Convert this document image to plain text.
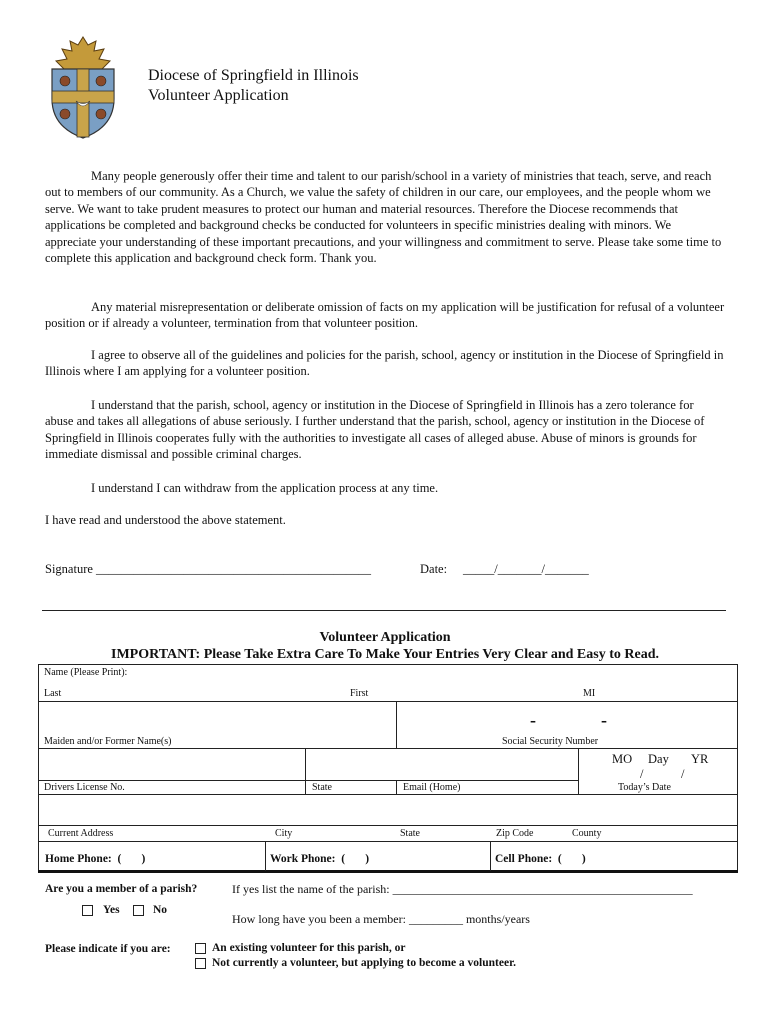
Diocese of Springfield in Illinois
Volunteer Application

Many people generously offer their time and talent to our parish/school in a variety of ministries that teach, serve, and reach out to members of our community. As a Church, we value the safety of children in our care, our employees, and the people whom we serve. We want to take prudent measures to protect our human and material resources. Therefore the Diocese recommends that applications be completed and background checks be conducted for volunteers in specific ministries dealing with minors. We appreciate your understanding of these important precautions, and your willingness and commitment to serve. Please take some time to complete this application and background check form. Thank you.

Any material misrepresentation or deliberate omission of facts on my application will be justification for refusal of a volunteer position or if already a volunteer, termination from that volunteer position.

I agree to observe all of the guidelines and policies for the parish, school, agency or institution in the Diocese of Springfield in Illinois where I am applying for a volunteer position.

I understand that the parish, school, agency or institution in the Diocese of Springfield in Illinois has a zero tolerance for abuse and takes all allegations of abuse seriously. I further understand that the parish, school, agency or institution in the Diocese of Springfield in Illinois cooperates fully with the authorities to investigate all cases of alleged abuse. Abuse of minors is grounds for immediate dismissal and possible criminal charges.

I understand I can withdraw from the application process at any time.

I have read and understood the above statement.

Signature ____________________________________________	Date: _____/_______/_______
Volunteer Application
IMPORTANT: Please Take Extra Care To Make Your Entries Very Clear and Easy to Read.
Name (Please Print):
Last	First	MI
-	-
Maiden and/or Former Name(s)	Social Security Number
MO Day YR
/	/
Drivers License No.	State	Email (Home)	Today’s Date
Current Address	City	State	Zip Code	County
Home Phone:  (       )	Work Phone:  (       )	Cell Phone:  (       )
Are you a member of a parish?	If yes list the name of the parish: __________________________________________________
Yes	No
How long have you been a member: _________ months/years
Please indicate if you are:	An existing volunteer for this parish, or
Not currently a volunteer, but applying to become a volunteer.
